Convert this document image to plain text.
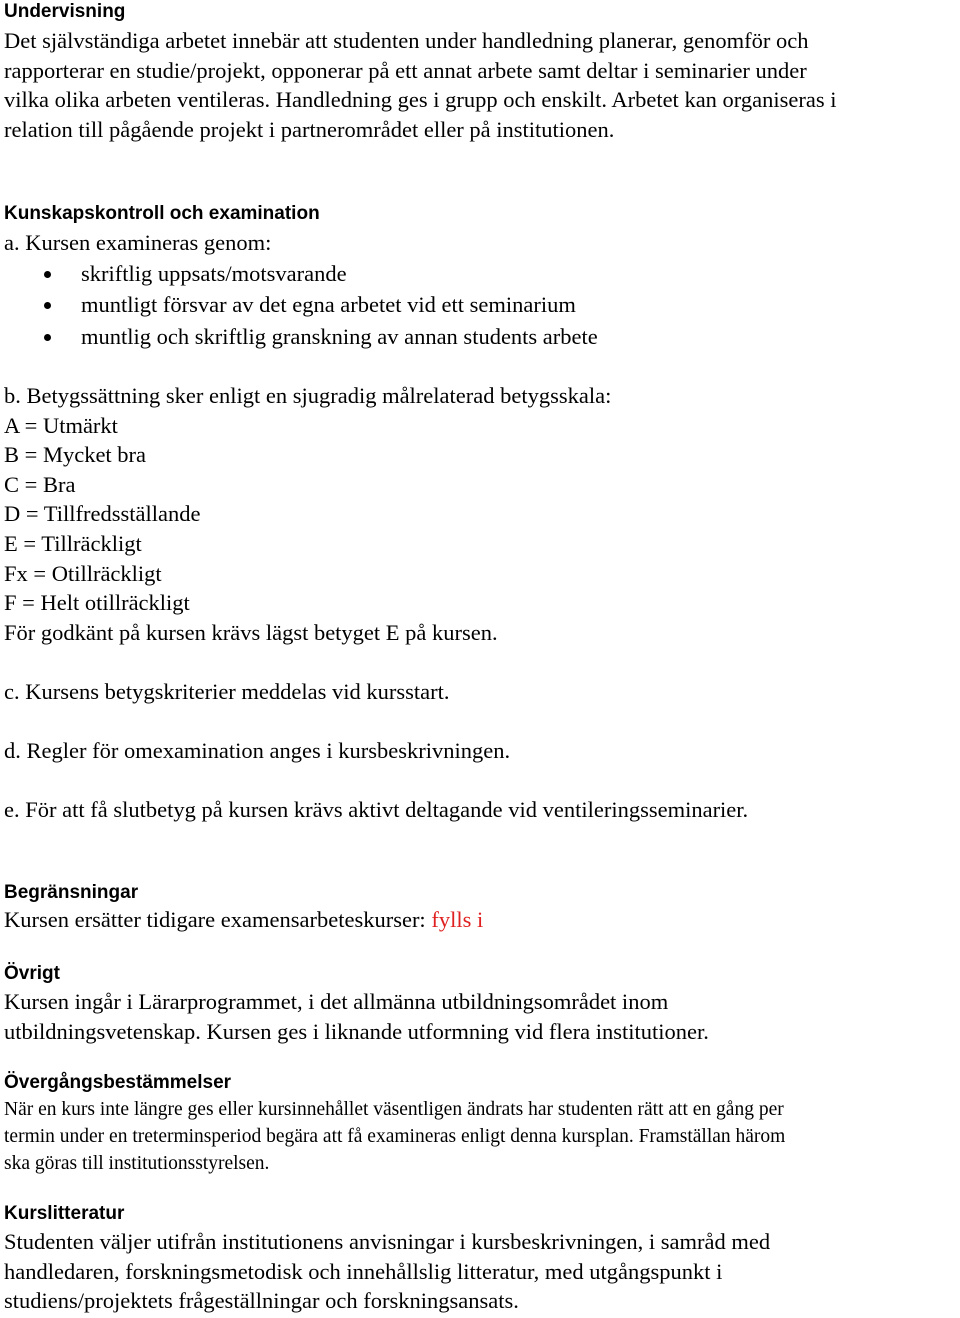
Undervisning
Det självständiga arbetet innebär att studenten under handledning planerar, genomför och
rapporterar en studie/projekt, opponerar på ett annat arbete samt deltar i seminarier under
vilka olika arbeten ventileras. Handledning ges i grupp och enskilt. Arbetet kan organiseras i
relation till pågående projekt i partnerområdet eller på institutionen.
Kunskapskontroll och examination
a. Kursen examineras genom:
skriftlig uppsats/motsvarande
muntligt försvar av det egna arbetet vid ett seminarium
muntlig och skriftlig granskning av annan students arbete
b. Betygssättning sker enligt en sjugradig målrelaterad betygsskala:
A = Utmärkt
B = Mycket bra
C = Bra
D = Tillfredsställande
E = Tillräckligt
Fx = Otillräckligt
F = Helt otillräckligt
För godkänt på kursen krävs lägst betyget E på kursen.
c. Kursens betygskriterier meddelas vid kursstart.
d. Regler för omexamination anges i kursbeskrivningen.
e. För att få slutbetyg på kursen krävs aktivt deltagande vid ventileringsseminarier.
Begränsningar
Kursen ersätter tidigare examensarbeteskurser: fylls i
Övrigt
Kursen ingår i Lärarprogrammet, i det allmänna utbildningsområdet inom
utbildningsvetenskap. Kursen ges i liknande utformning vid flera institutioner.
Övergångsbestämmelser
När en kurs inte längre ges eller kursinnehållet väsentligen ändrats har studenten rätt att en gång per
termin under en treterminsperiod begära att få examineras enligt denna kursplan. Framställan härom
ska göras till institutionsstyrelsen.
Kurslitteratur
Studenten väljer utifrån institutionens anvisningar i kursbeskrivningen, i samråd med
handledaren, forskningsmetodisk och innehållslig litteratur, med utgångspunkt i
studiens/projektets frågeställningar och forskningsansats.
